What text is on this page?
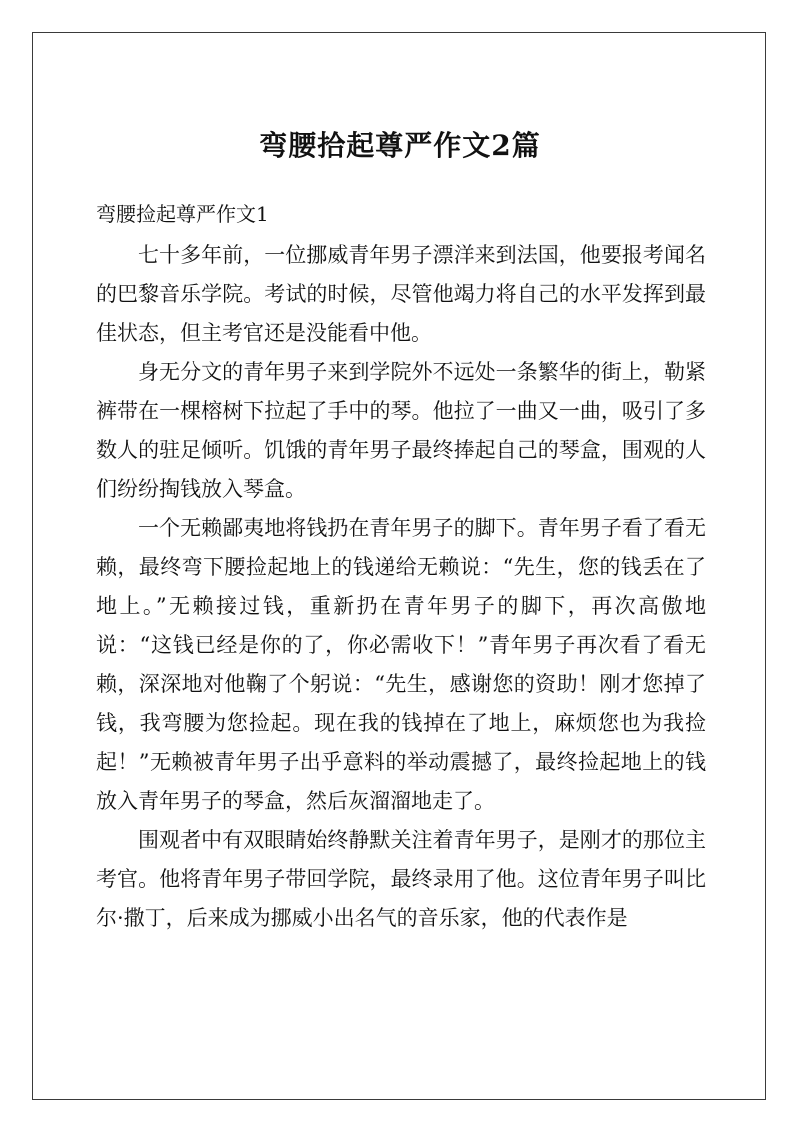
弯腰拾起尊严作文2篇
弯腰捡起尊严作文1

七十多年前，一位挪威青年男子漂洋来到法国，他要报考闻名的巴黎音乐学院。考试的时候，尽管他竭力将自己的水平发挥到最佳状态，但主考官还是没能看中他。

身无分文的青年男子来到学院外不远处一条繁华的街上，勒紧裤带在一棵榕树下拉起了手中的琴。他拉了一曲又一曲，吸引了多数人的驻足倾听。饥饿的青年男子最终捧起自己的琴盒，围观的人们纷纷掏钱放入琴盒。

一个无赖鄙夷地将钱扔在青年男子的脚下。青年男子看了看无赖，最终弯下腰捡起地上的钱递给无赖说：“先生，您的钱丢在了地上。”无赖接过钱，重新扔在青年男子的脚下，再次高傲地说：“这钱已经是你的了，你必需收下！”青年男子再次看了看无赖，深深地对他鞠了个躬说：“先生，感谢您的资助！刚才您掉了钱，我弯腰为您捡起。现在我的钱掉在了地上，麻烦您也为我捡起！”无赖被青年男子出乎意料的举动震撼了，最终捡起地上的钱放入青年男子的琴盒，然后灰溜溜地走了。

围观者中有双眼睛始终静默关注着青年男子，是刚才的那位主考官。他将青年男子带回学院，最终录用了他。这位青年男子叫比尔·撒丁，后来成为挪威小出名气的音乐家，他的代表作是
